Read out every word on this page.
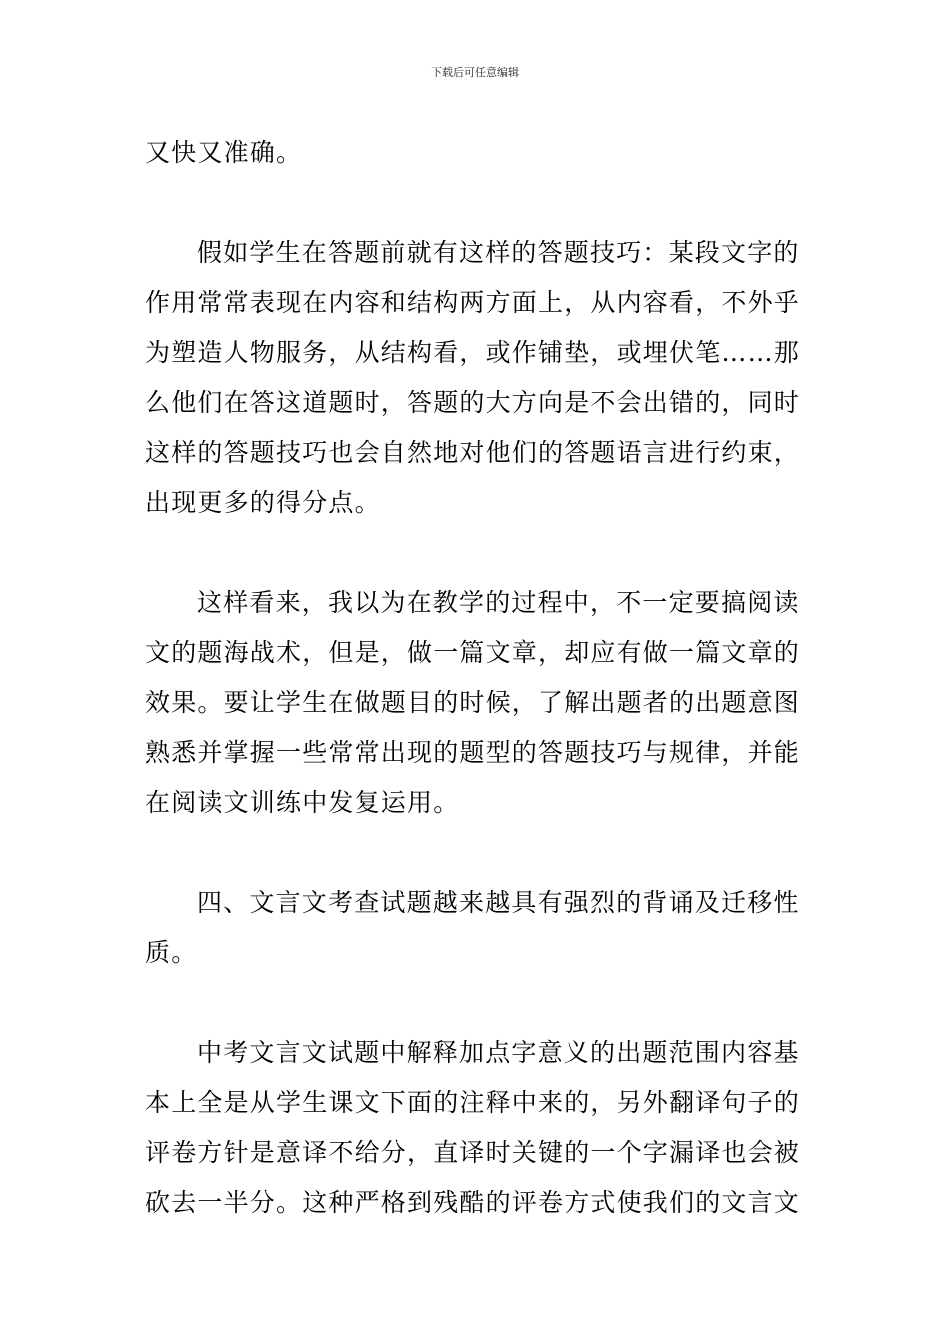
下载后可任意编辑
又快又准确。
假如学生在答题前就有这样的答题技巧：某段文字的
作用常常表现在内容和结构两方面上，从内容看，不外乎
为塑造人物服务，从结构看，或作铺垫，或埋伏笔……那
么他们在答这道题时，答题的大方向是不会出错的，同时
这样的答题技巧也会自然地对他们的答题语言进行约束，
出现更多的得分点。
这样看来，我以为在教学的过程中，不一定要搞阅读
文的题海战术，但是，做一篇文章，却应有做一篇文章的
效果。要让学生在做题目的时候，了解出题者的出题意图
熟悉并掌握一些常常出现的题型的答题技巧与规律，并能
在阅读文训练中发复运用。
四、文言文考查试题越来越具有强烈的背诵及迁移性
质。
中考文言文试题中解释加点字意义的出题范围内容基
本上全是从学生课文下面的注释中来的，另外翻译句子的
评卷方针是意译不给分，直译时关键的一个字漏译也会被
砍去一半分。这种严格到残酷的评卷方式使我们的文言文
